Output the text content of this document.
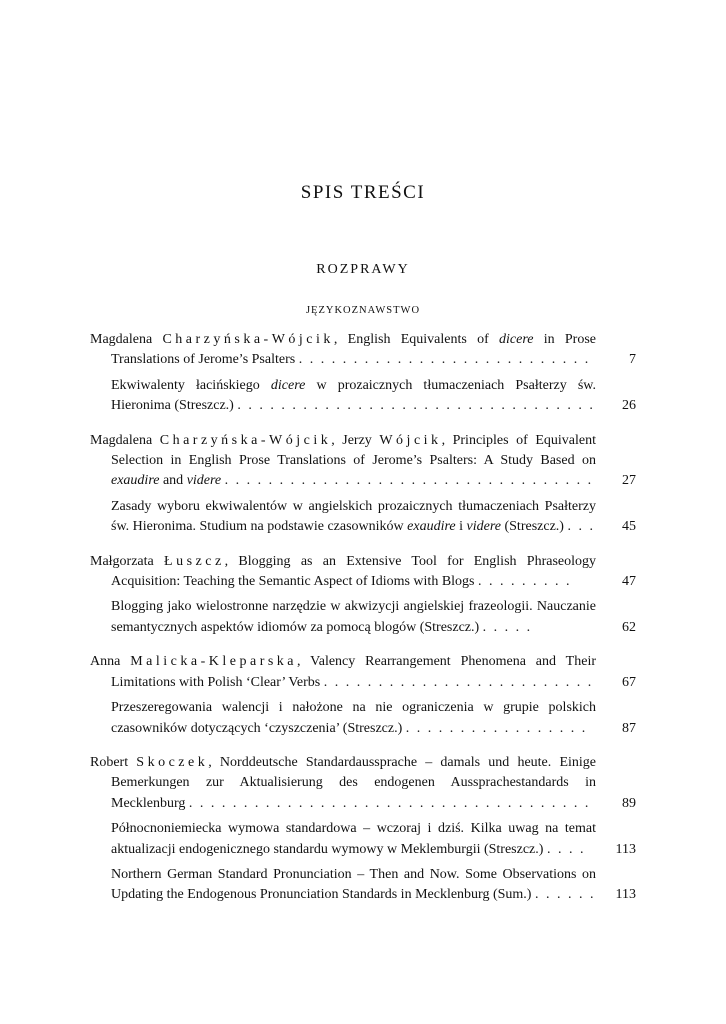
SPIS TREŚCI
ROZPRAWY
JĘZYKOZNAWSTWO
Magdalena Charzyńska-Wójcik, English Equivalents of dicere in Prose Translations of Jerome’s Psalters . . . . . . . . . . . . . . . . . . . . . . . . . . .	7
Ekwiwalenty łacińskiego dicere w prozaicznych tłumaczeniach Psałterzy św. Hieronima (Streszcz.) . . . . . . . . . . . . . . . . . . . . . . . . . . . . . . . . .	26
Magdalena Charzyńska-Wójcik, Jerzy Wójcik, Principles of Equivalent Selection in English Prose Translations of Jerome’s Psalters: A Study Based on exaudire and videre . . . . . . . . . . . . . . . . . . . . . . . . . . . . . . . . . .	27
Zasady wyboru ekwiwalentów w angielskich prozaicznych tłumaczeniach Psałterzy św. Hieronima. Studium na podstawie czasowników exaudire i videre (Streszcz.) . . .	45
Małgorzata Łuszcz, Blogging as an Extensive Tool for English Phraseology Acquisition: Teaching the Semantic Aspect of Idioms with Blogs . . . . . . . . .	47
Blogging jako wielostronne narzędzie w akwizycji angielskiej frazeologii. Nauczanie semantycznych aspektów idiomów za pomocą blogów (Streszcz.) . . . . .	62
Anna Malicka-Kleparska, Valency Rearrangement Phenomena and Their Limitations with Polish ‘Clear’ Verbs . . . . . . . . . . . . . . . . . . . . . . . . .	67
Przeszeregowania walencji i nałożone na nie ograniczenia w grupie polskich czasowników dotyczących ‘czyszczenia’ (Streszcz.) . . . . . . . . . . . . . . . . .	87
Robert Skoczek, Norddeutsche Standardaussprache – damals und heute. Einige Bemerkungen zur Aktualisierung des endogenen Aussprachestandards in Mecklenburg . . . . . . . . . . . . . . . . . . . . . . . . . . . . . . . . . . . . .	89
Północnoniemiecka wymowa standardowa – wczoraj i dziś. Kilka uwag na temat aktualizacji endogenicznego standardu wymowy w Meklemburgii (Streszcz.) . . . .	113
Northern German Standard Pronunciation – Then and Now. Some Observations on Updating the Endogenous Pronunciation Standards in Mecklenburg (Sum.) . . . . . .	113
